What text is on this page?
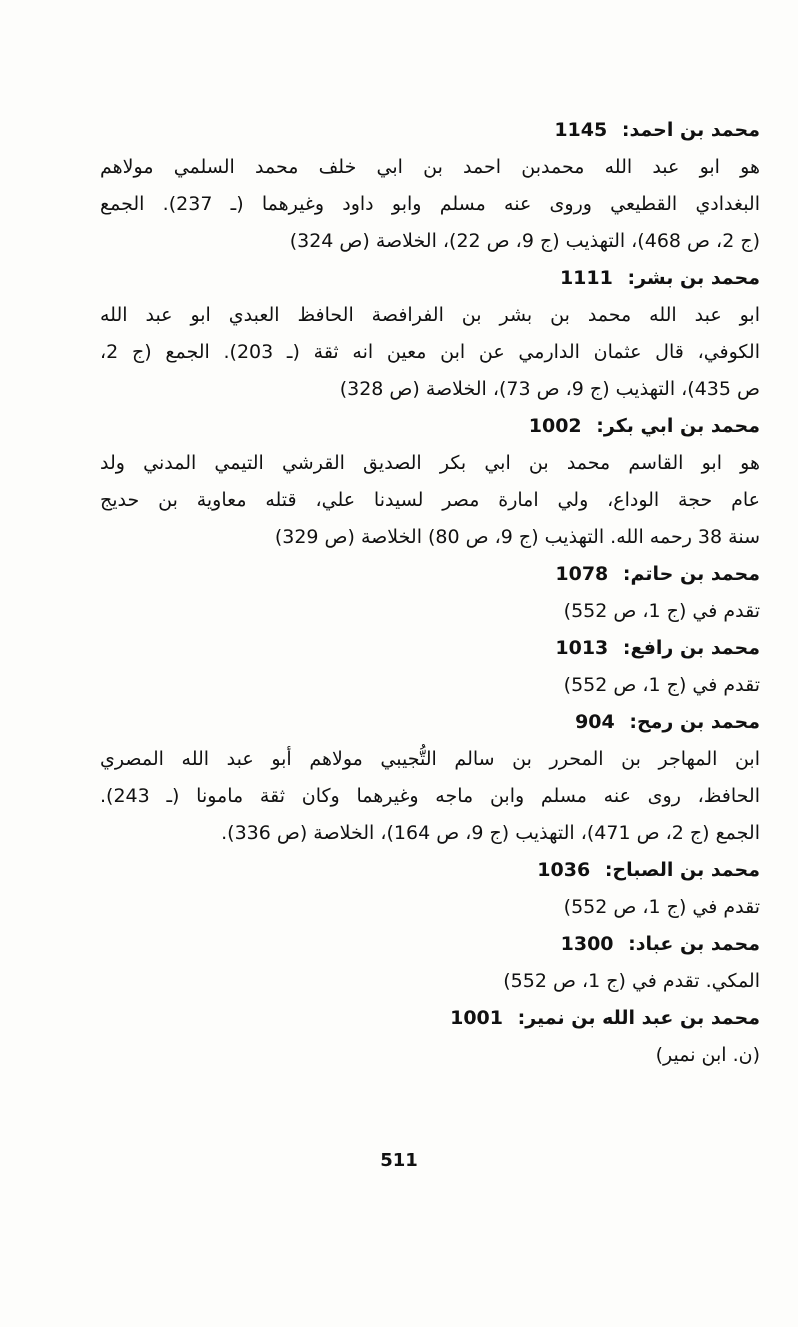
محمد بن احمد: 1145
هو ابو عبد الله محمدبن احمد بن ابي خلف محمد السلمي مولاهم
البغدادي القطيعي وروى عنه مسلم وابو داود وغيرهما (ـ 237). الجمع
(ج 2، ص 468)، التهذيب (ج 9، ص 22)، الخلاصة (ص 324)
محمد بن بشر: 1111
ابو عبد الله محمد بن بشر بن الفرافصة الحافظ العبدي ابو عبد الله
الكوفي، قال عثمان الدارمي عن ابن معين انه ثقة (ـ 203). الجمع (ج 2،
ص 435)، التهذيب (ج 9، ص 73)، الخلاصة (ص 328)
محمد بن ابي بكر: 1002
هو ابو القاسم محمد بن ابي بكر الصديق القرشي التيمي المدني ولد
عام حجة الوداع، ولي امارة مصر لسيدنا علي، قتله معاوية بن حديج
سنة 38 رحمه الله. التهذيب (ج 9، ص 80) الخلاصة (ص 329)
محمد بن حاتم: 1078
تقدم في (ج 1، ص 552)
محمد بن رافع: 1013
تقدم في (ج 1، ص 552)
محمد بن رمح: 904
ابن المهاجر بن المحرر بن سالم التُّجيبي مولاهم أبو عبد الله المصري
الحافظ، روى عنه مسلم وابن ماجه وغيرهما وكان ثقة مامونا (ـ 243).
الجمع (ج 2، ص 471)، التهذيب (ج 9، ص 164)، الخلاصة (ص 336).
محمد بن الصباح: 1036
تقدم في (ج 1، ص 552)
محمد بن عباد: 1300
المكي. تقدم في (ج 1، ص 552)
محمد بن عبد الله بن نمير: 1001
(ن. ابن نمير)
511
